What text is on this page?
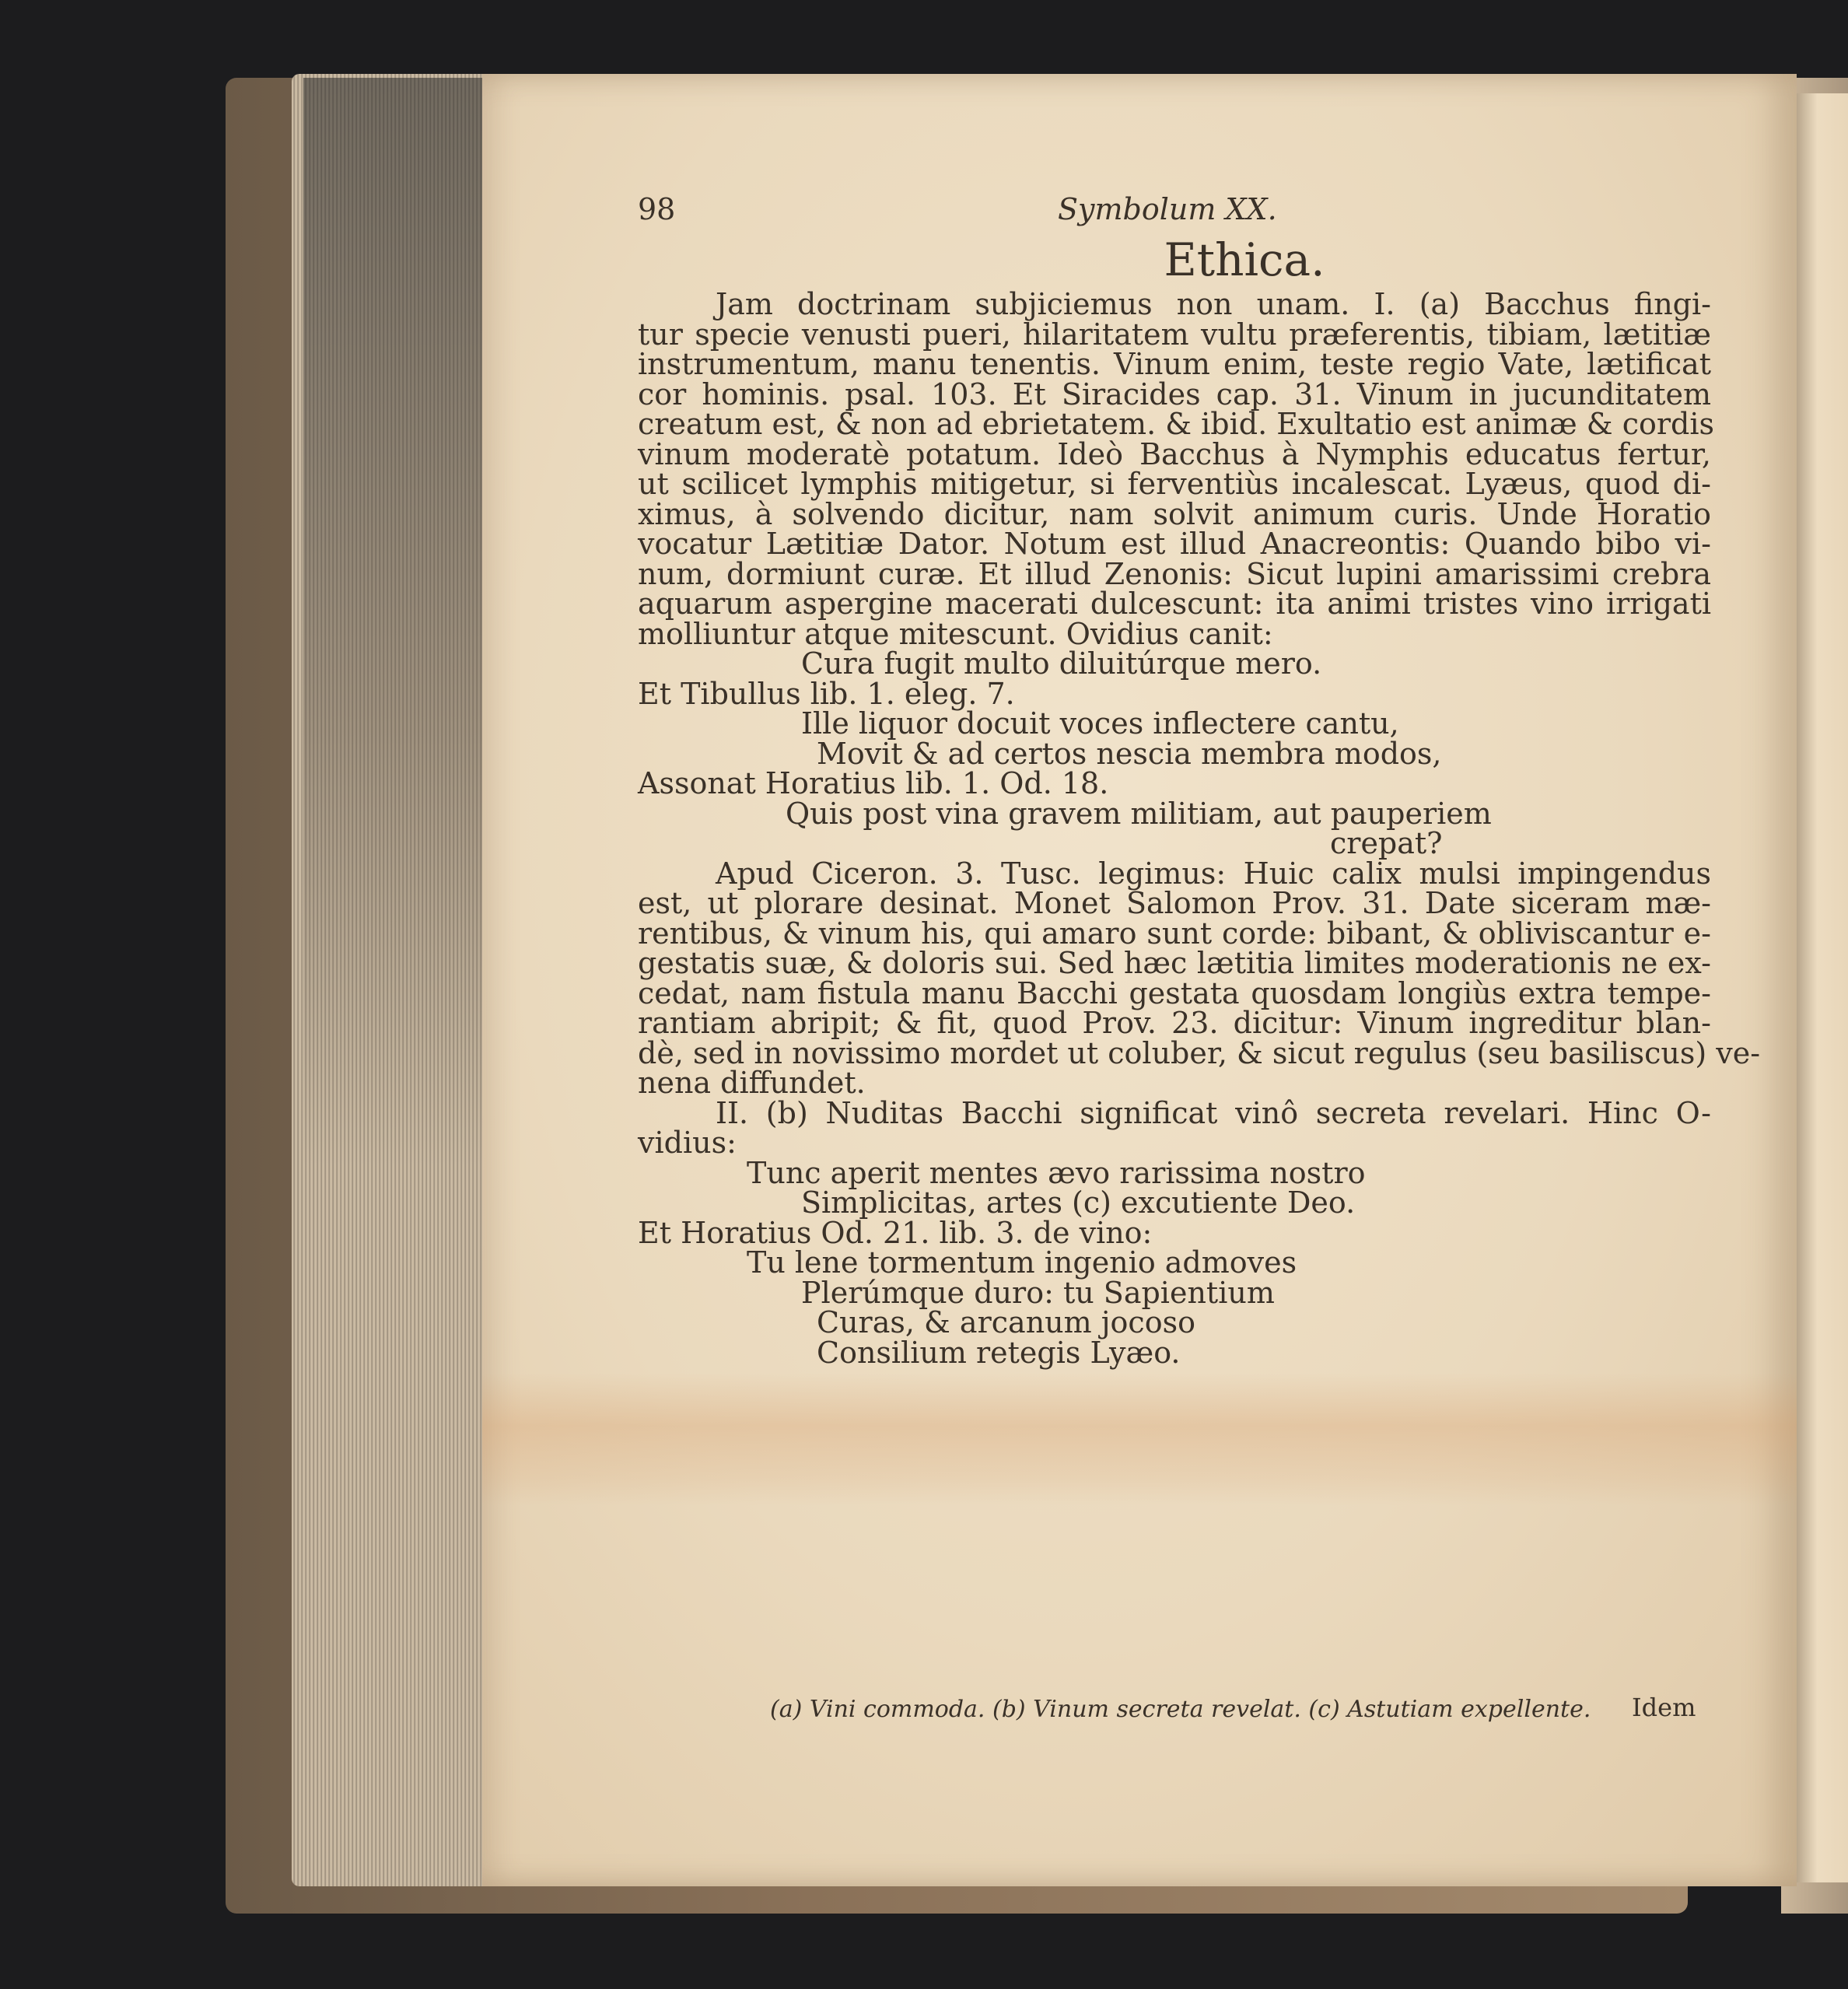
98	Symbolum XX.
Ethica.
Jam doctrinam subjiciemus non unam. I. (a) Bacchus fingi-
tur specie venusti pueri, hilaritatem vultu præferentis, tibiam, lætitiæ
instrumentum, manu tenentis. Vinum enim, teste regio Vate, lætificat
cor hominis. psal. 103. Et Siracides cap. 31. Vinum in jucunditatem
creatum est, & non ad ebrietatem. & ibid. Exultatio est animæ & cordis
vinum moderatè potatum. Ideò Bacchus à Nymphis educatus fertur,
ut scilicet lymphis mitigetur, si ferventiùs incalescat. Lyæus, quod di-
ximus, à solvendo dicitur, nam solvit animum curis. Unde Horatio
vocatur Lætitiæ Dator. Notum est illud Anacreontis: Quando bibo vi-
num, dormiunt curæ. Et illud Zenonis: Sicut lupini amarissimi crebra
aquarum aspergine macerati dulcescunt: ita animi tristes vino irrigati
molliuntur atque mitescunt. Ovidius canit:
Cura fugit multo diluitúrque mero.
Et Tibullus lib. 1. eleg. 7.
Ille liquor docuit voces inflectere cantu,
Movit & ad certos nescia membra modos,
Assonat Horatius lib. 1. Od. 18.
Quis post vina gravem militiam, aut pauperiem
crepat?
Apud Ciceron. 3. Tusc. legimus: Huic calix mulsi impingendus
est, ut plorare desinat. Monet Salomon Prov. 31. Date siceram mæ-
rentibus, & vinum his, qui amaro sunt corde: bibant, & obliviscantur e-
gestatis suæ, & doloris sui. Sed hæc lætitia limites moderationis ne ex-
cedat, nam fistula manu Bacchi gestata quosdam longiùs extra tempe-
rantiam abripit; & fit, quod Prov. 23. dicitur: Vinum ingreditur blan-
dè, sed in novissimo mordet ut coluber, & sicut regulus (seu basiliscus) ve-
nena diffundet.
II. (b) Nuditas Bacchi significat vinô secreta revelari. Hinc O-
vidius:
Tunc aperit mentes ævo rarissima nostro
Simplicitas, artes (c) excutiente Deo.
Et Horatius Od. 21. lib. 3. de vino:
Tu lene tormentum ingenio admoves
Plerúmque duro: tu Sapientium
Curas, & arcanum jocoso
Consilium retegis Lyæo.
(a) Vini commoda. (b) Vinum secreta revelat. (c) Astutiam expellente.	Idem
